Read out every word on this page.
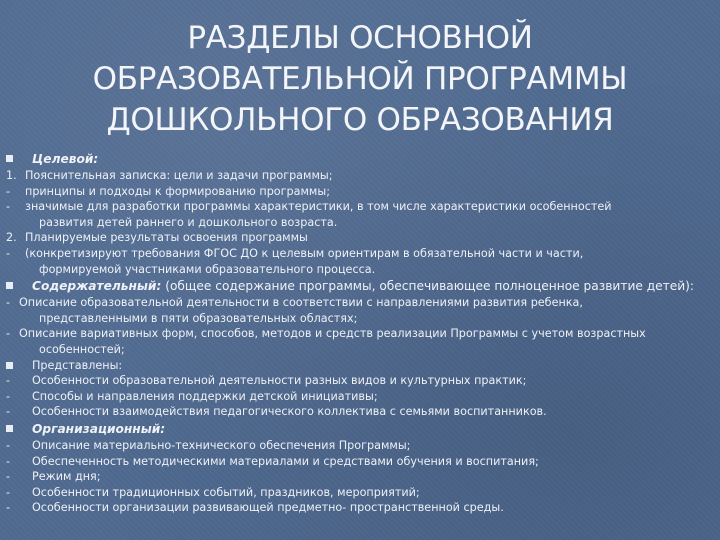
РАЗДЕЛЫ ОСНОВНОЙ
ОБРАЗОВАТЕЛЬНОЙ ПРОГРАММЫ
ДОШКОЛЬНОГО ОБРАЗОВАНИЯ
Целевой:
1. Пояснительная записка: цели и задачи программы;
- принципы и подходы к формированию программы;
- значимые для разработки программы характеристики, в том числе характеристики особенностей
развития детей раннего и дошкольного возраста.
2. Планируемые результаты освоения программы
- (конкретизируют требования ФГОС ДО к целевым ориентирам в обязательной части и части,
формируемой участниками образовательного процесса.
Содержательный: (общее содержание программы, обеспечивающее полноценное развитие детей):
- Описание образовательной деятельности в соответствии с направлениями развития ребенка,
представленными в пяти образовательных областях;
- Описание вариативных форм, способов, методов и средств реализации Программы с учетом возрастных
особенностей;
Представлены:
- Особенности образовательной деятельности разных видов и культурных практик;
- Способы и направления поддержки детской инициативы;
- Особенности взаимодействия педагогического коллектива с семьями воспитанников.
Организационный:
- Описание материально-технического обеспечения Программы;
- Обеспеченность методическими материалами и средствами обучения и воспитания;
- Режим дня;
- Особенности традиционных событий, праздников, мероприятий;
- Особенности организации развивающей предметно- пространственной среды.
